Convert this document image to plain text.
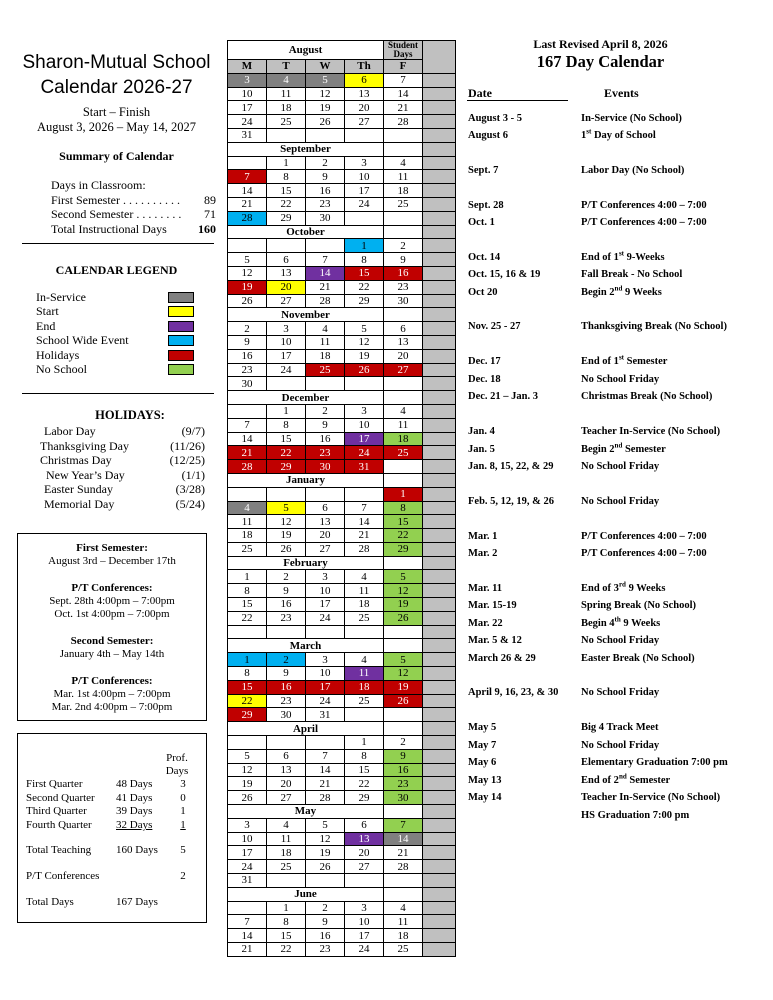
Sharon-Mutual School
Calendar 2026-27
Start – Finish
August 3, 2026 – May 14, 2027
Summary of Calendar
Days in Classroom:
First Semester . . . . . . . . . . 89
Second Semester . . . . . . . . 71
Total Instructional Days	160
CALENDAR LEGEND
In-Service
Start
End
School Wide Event
Holidays
No School
HOLIDAYS:
Labor Day	(9/7)
Thanksgiving Day	(11/26)
Christmas Day	(12/25)
New Year’s Day	(1/1)
Easter Sunday	(3/28)
Memorial Day	(5/24)
First Semester:
August 3rd – December 17th
P/T Conferences:
Sept. 28th 4:00pm – 7:00pm
Oct. 1st 4:00pm – 7:00pm
Second Semester:
January 4th – May 14th
P/T Conferences:
Mar. 1st 4:00pm – 7:00pm
Mar. 2nd 4:00pm – 7:00pm
Prof.
Days
First Quarter	48 Days	3
Second Quarter 41 Days	0
Third Quarter	39 Days	1
Fourth Quarter 32 Days	1
Total Teaching 160 Days	5
P/T Conferences	2
Total Days	167 Days
August				Student Days	
M	T	W	Th	F	
3	4	5	6	7	
10	11	12	13	14	
17	18	19	20	21	
24	25	26	27	28	
31					
September					
	1	2	3	4	
7	8	9	10	11	
14	15	16	17	18	
21	22	23	24	25	
28	29	30			
October					
			1	2	
5	6	7	8	9	
12	13	14	15	16	
19	20	21	22	23	
26	27	28	29	30	
November					
2	3	4	5	6	
9	10	11	12	13	
16	17	18	19	20	
23	24	25	26	27	
30					
December					
	1	2	3	4	
7	8	9	10	11	
14	15	16	17	18	
21	22	23	24	25	
28	29	30	31		
January					
				1	
4	5	6	7	8	
11	12	13	14	15	
18	19	20	21	22	
25	26	27	28	29	
February					
1	2	3	4	5	
8	9	10	11	12	
15	16	17	18	19	
22	23	24	25	26	

March					
1	2	3	4	5	
8	9	10	11	12	
15	16	17	18	19	
22	23	24	25	26	
29	30	31			
April					
			1	2	
5	6	7	8	9	
12	13	14	15	16	
19	20	21	22	23	
26	27	28	29	30	
May					
3	4	5	6	7	
10	11	12	13	14	
17	18	19	20	21	
24	25	26	27	28	
31					
June					
	1	2	3	4	
7	8	9	10	11	
14	15	16	17	18	
21	22	23	24	25	
Last Revised April 8, 2026
167 Day Calendar
Date	Events
August 3 - 5	In-Service (No School)
August 6	1st Day of School
Sept. 7	Labor Day (No School)
Sept. 28	P/T Conferences 4:00 – 7:00
Oct. 1	P/T Conferences 4:00 – 7:00
Oct. 14	End of 1st 9-Weeks
Oct. 15, 16 & 19	Fall Break - No School
Oct 20	Begin 2nd 9 Weeks
Nov. 25 - 27	Thanksgiving Break (No School)
Dec. 17	End of 1st Semester
Dec. 18	No School Friday
Dec. 21 – Jan. 3	Christmas Break (No School)
Jan. 4	Teacher In-Service (No School)
Jan. 5	Begin 2nd Semester
Jan. 8, 15, 22, & 29	No School Friday
Feb. 5, 12, 19, & 26	No School Friday
Mar. 1	P/T Conferences 4:00 – 7:00
Mar. 2	P/T Conferences 4:00 – 7:00
Mar. 11	End of 3rd 9 Weeks
Mar. 15-19	Spring Break (No School)
Mar. 22	Begin 4th 9 Weeks
Mar. 5 & 12	No School Friday
March 26 & 29	Easter Break (No School)
April 9, 16, 23, & 30 No School Friday
May 5	Big 4 Track Meet
May 7	No School Friday
May 6	Elementary Graduation 7:00 pm
May 13	End of 2nd Semester
May 14	Teacher In-Service (No School)
HS Graduation 7:00 pm
